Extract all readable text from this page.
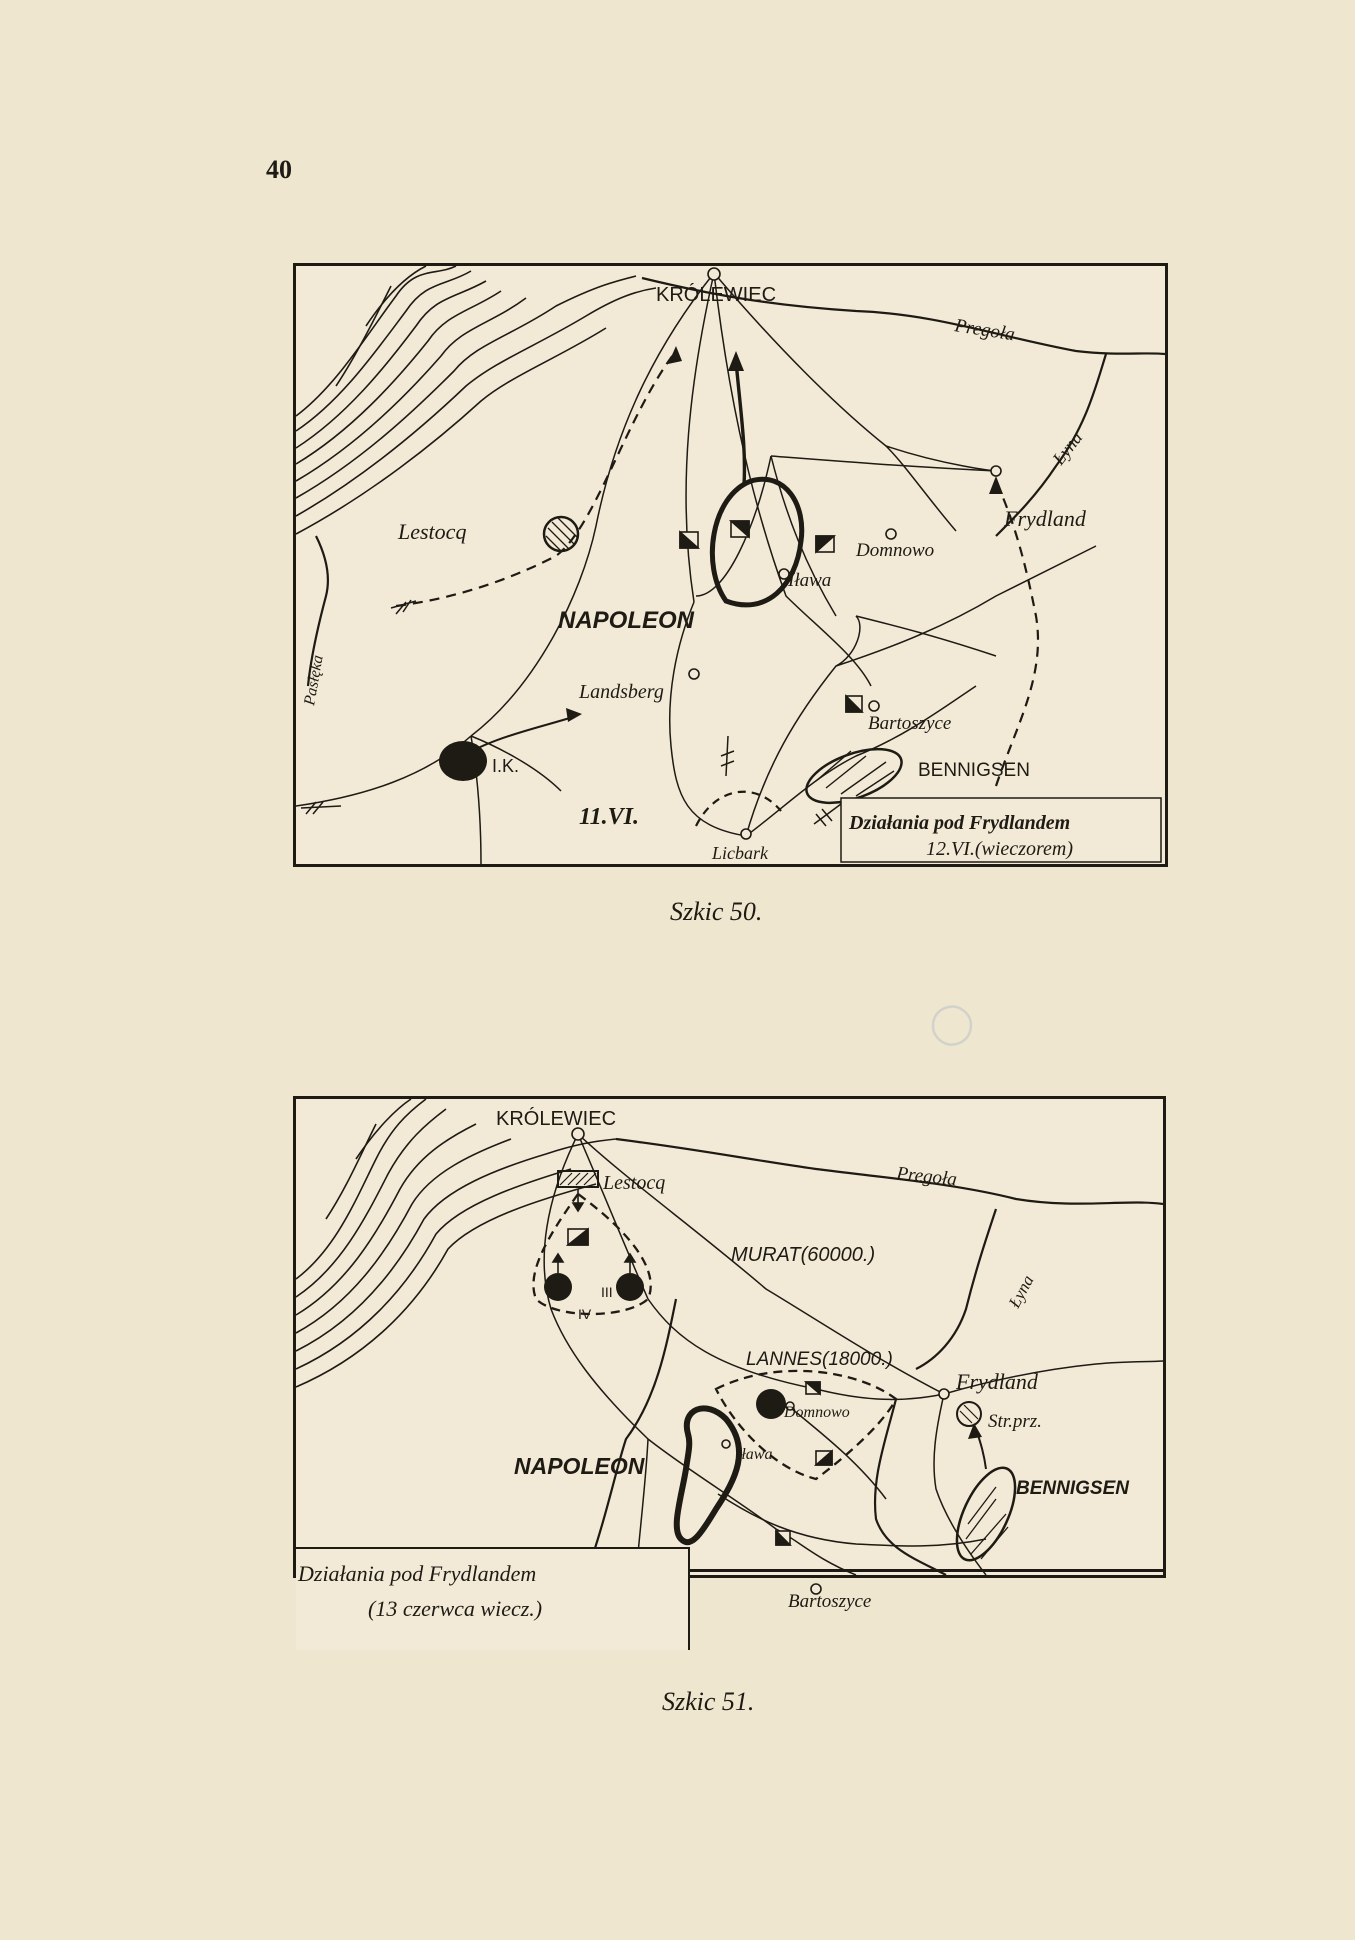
◯
40
KRÓLEWIEC
Pregoła
Łyna
Lestocq
Frydland
Domnowo
Iława
NAPOLEON
Landsberg
Pasłęka
Bartoszyce
BENNIGSEN
I.K.
11.VI.
Licbark
Działania pod Frydlandem
12.VI.(wieczorem)
Szkic 50.
KRÓLEWIEC
Lestocq	Pregoła
MURAT(60000.)
IV
III	Łyna
LANNES(18000.)
Frydland
Domnowo	Str.prz.
NAPOLEON	Iława
BENNIGSEN
Bartoszyce
Szkic 51.
Działania pod Frydlandem
(13 czerwca wiecz.)
